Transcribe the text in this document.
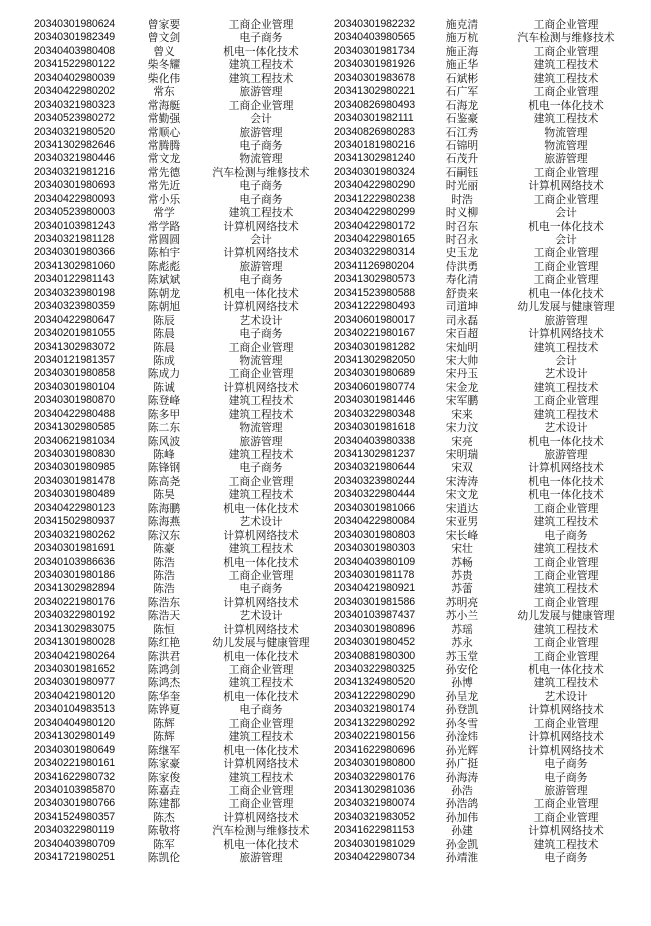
20340301980624	曾家要	工商企业管理
20340301982349	曾文剑	电子商务
20340403980408	曾义	机电一体化技术
20341522980122	柴冬耀	建筑工程技术
20340402980039	柴化伟	建筑工程技术
20340422980202	常东	旅游管理
20340321980323	常海艇	工商企业管理
20340523980272	常勤强	会计
20340321980520	常顺心	旅游管理
20341302982646	常腾腾	电子商务
20340321980446	常文龙	物流管理
20340321981216	常先德	汽车检测与维修技术
20340301980693	常先近	电子商务
20340422980093	常小乐	电子商务
20340523980003	常学	建筑工程技术
20340103981243	常学路	计算机网络技术
20340321981128	常圆圆	会计
20340301980366	陈柏宇	计算机网络技术
20341302981060	陈彪彪	旅游管理
20340122981143	陈斌斌	电子商务
20340323980198	陈朝龙	机电一体化技术
20340323980359	陈朝旭	计算机网络技术
20340422980647	陈辰	艺术设计
20340201981055	陈晨	电子商务
20341302983072	陈晨	工商企业管理
20340121981357	陈成	物流管理
20340301980858	陈成力	工商企业管理
20340301980104	陈诚	计算机网络技术
20340301980870	陈登峰	建筑工程技术
20340422980488	陈多甲	建筑工程技术
20341302980585	陈二东	物流管理
20340621981034	陈风波	旅游管理
20340301980830	陈峰	建筑工程技术
20340301980985	陈锋钢	电子商务
20340301981478	陈高尧	工商企业管理
20340301980489	陈昊	建筑工程技术
20340422980123	陈海鹏	机电一体化技术
20341502980937	陈海燕	艺术设计
20340321980262	陈汉东	计算机网络技术
20340301981691	陈豪	建筑工程技术
20340103986636	陈浩	机电一体化技术
20340301980186	陈浩	工商企业管理
20341302982894	陈浩	电子商务
20340221980176	陈浩东	计算机网络技术
20340322980192	陈浩天	艺术设计
20341302983075	陈恒	计算机网络技术
20341301980028	陈红艳	幼儿发展与健康管理
20340421980264	陈洪君	机电一体化技术
20340301981652	陈鸿剑	工商企业管理
20340301980977	陈鸿杰	建筑工程技术
20340421980120	陈华奎	机电一体化技术
20340104983513	陈铧夏	电子商务
20340404980120	陈辉	工商企业管理
20341302980149	陈辉	建筑工程技术
20340301980649	陈继军	机电一体化技术
20340221980161	陈家豪	计算机网络技术
20341622980732	陈家俊	建筑工程技术
20340103985870	陈嘉垚	工商企业管理
20340301980766	陈建都	工商企业管理
20341524980357	陈杰	计算机网络技术
20340322980119	陈敬将	汽车检测与维修技术
20340403980709	陈军	机电一体化技术
20341721980251	陈凯伦	旅游管理
20340301982232	施克清	工商企业管理
20340403980565	施万杭	汽车检测与维修技术
20340301981734	施正海	工商企业管理
20340301981926	施正华	建筑工程技术
20340301983678	石斌彬	建筑工程技术
20341302980221	石广军	工商企业管理
20340826980493	石海龙	机电一体化技术
20340301982111	石鉴豪	建筑工程技术
20340826980283	石江秀	物流管理
20340181980216	石锦明	物流管理
20341302981240	石茂升	旅游管理
20340301980324	石嗣钰	工商企业管理
20340422980290	时光丽	计算机网络技术
20341222980238	时浩	工商企业管理
20340422980299	时义柳	会计
20340422980172	时召东	机电一体化技术
20340422980165	时召永	会计
20340322980314	史玉龙	工商企业管理
20341126980204	侍洪勇	工商企业管理
20341302980573	寿化清	工商企业管理
20341523980588	舒贵来	机电一体化技术
20341222980493	司道坤	幼儿发展与健康管理
20340601980017	司永磊	旅游管理
20340221980167	宋百超	计算机网络技术
20340301981282	宋灿明	建筑工程技术
20341302982050	宋大帅	会计
20340301980689	宋丹玉	艺术设计
20340601980774	宋金龙	建筑工程技术
20340301981446	宋军鹏	工商企业管理
20340322980348	宋来	建筑工程技术
20340301981618	宋力汶	艺术设计
20340403980338	宋亮	机电一体化技术
20341302981237	宋明瑞	旅游管理
20340321980644	宋双	计算机网络技术
20340323980244	宋涛涛	机电一体化技术
20340322980444	宋文龙	机电一体化技术
20340301981066	宋逍达	工商企业管理
20340422980084	宋亚男	建筑工程技术
20340301980803	宋长峰	电子商务
20340301980303	宋壮	建筑工程技术
20340403980109	苏畅	工商企业管理
20340301981178	苏贵	工商企业管理
20340421980921	苏蕾	建筑工程技术
20340301981586	苏明亮	工商企业管理
20340103987437	苏小兰	幼儿发展与健康管理
20340301980896	苏瑶	建筑工程技术
20340301980452	苏永	工商企业管理
20340881980300	苏玉堂	工商企业管理
20340322980325	孙安伦	机电一体化技术
20341324980520	孙博	建筑工程技术
20341222980290	孙呈龙	艺术设计
20340321980174	孙登凯	计算机网络技术
20341322980292	孙冬雪	工商企业管理
20340221980156	孙淦炜	计算机网络技术
20341622980696	孙光辉	计算机网络技术
20340301980800	孙广挺	电子商务
20340322980176	孙海涛	电子商务
20341302981036	孙浩	旅游管理
20340321980074	孙浩鸽	工商企业管理
20340321983052	孙加伟	工商企业管理
20341622981153	孙建	计算机网络技术
20340301981029	孙金凯	建筑工程技术
20340422980734	孙靖淮	电子商务
